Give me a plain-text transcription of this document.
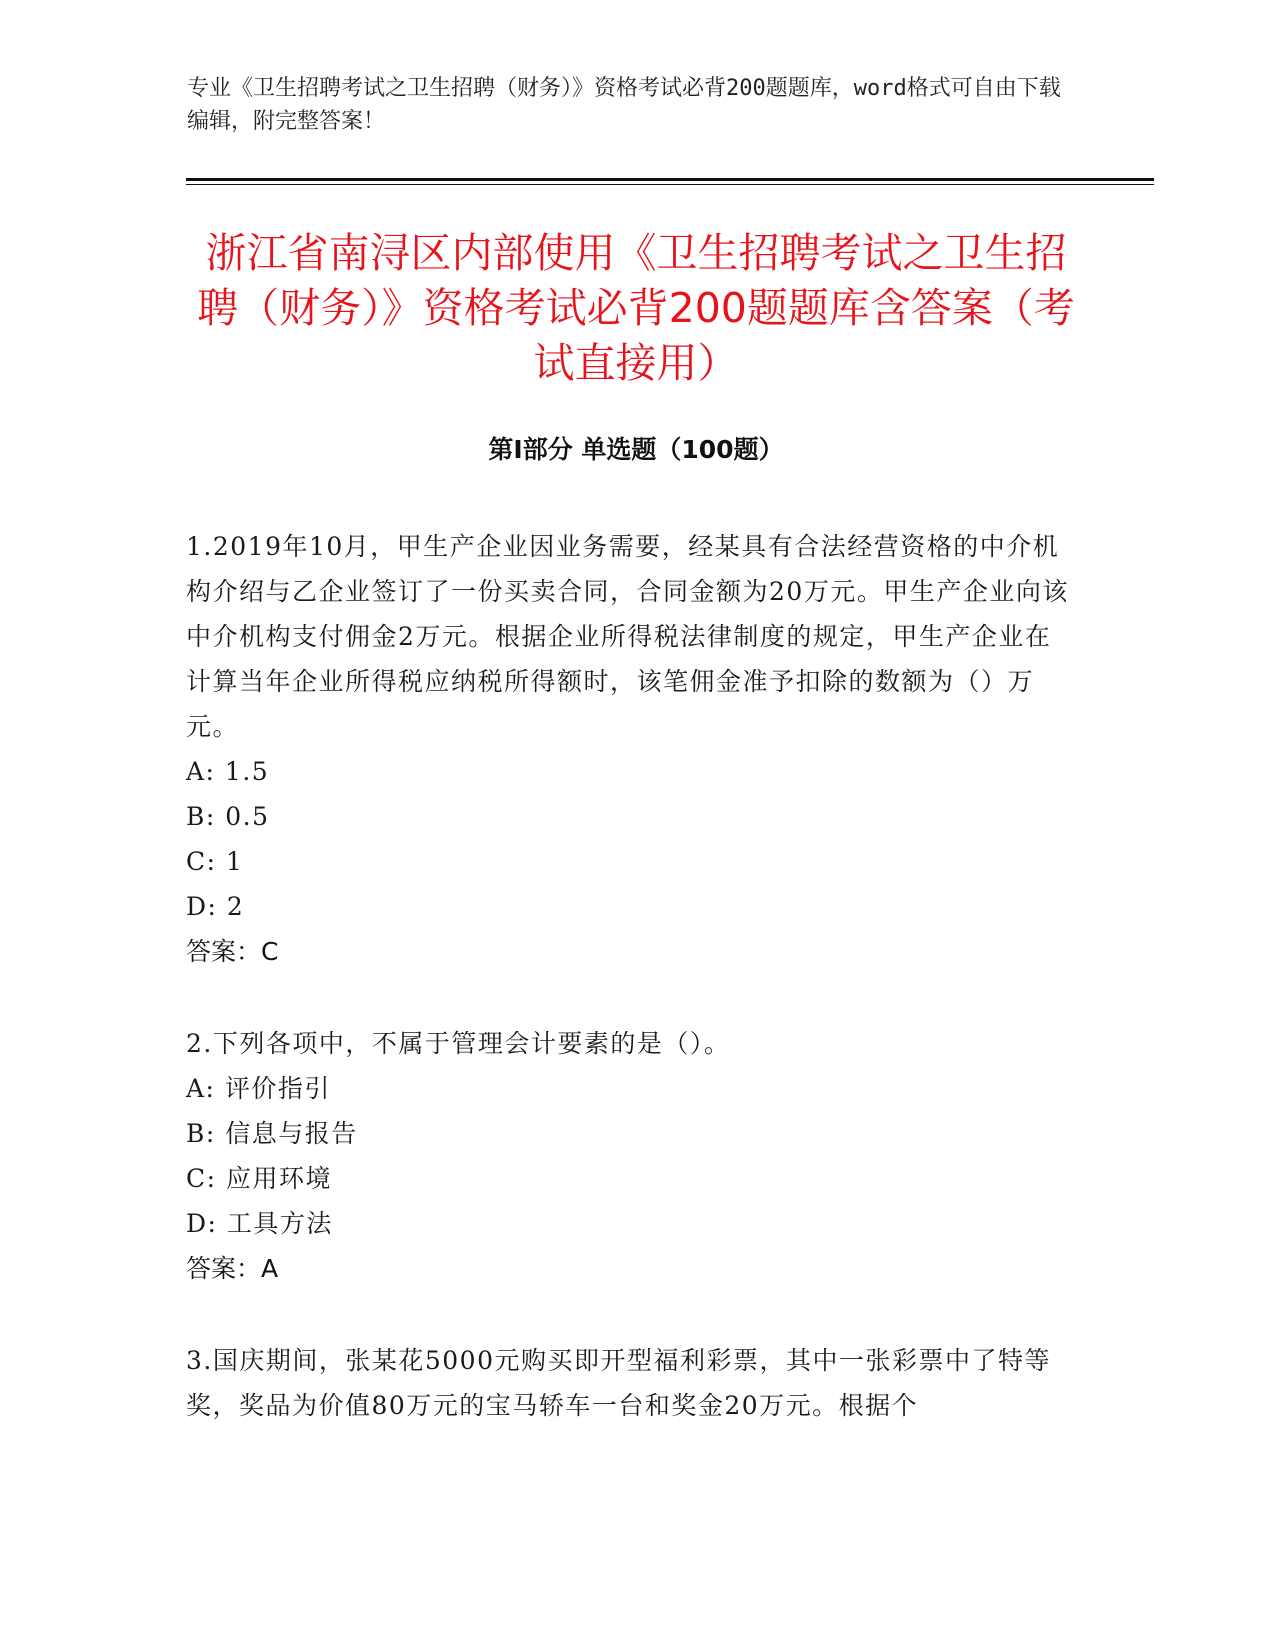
专业《卫生招聘考试之卫生招聘（财务）》资格考试必背200题题库，word格式可自由下载编辑，附完整答案！
浙江省南浔区内部使用《卫生招聘考试之卫生招聘（财务）》资格考试必背200题题库含答案（考试直接用）
第Ⅰ部分 单选题（100题）

1.2019年10月，甲生产企业因业务需要，经某具有合法经营资格的中介机构介绍与乙企业签订了一份买卖合同，合同金额为20万元。甲生产企业向该中介机构支付佣金2万元。根据企业所得税法律制度的规定，甲生产企业在计算当年企业所得税应纳税所得额时，该笔佣金准予扣除的数额为（）万元。

A: 1.5

B: 0.5

C: 1

D: 2

答案：C

2.下列各项中，不属于管理会计要素的是（）。

A: 评价指引

B: 信息与报告

C: 应用环境

D: 工具方法

答案：A

3.国庆期间，张某花5000元购买即开型福利彩票，其中一张彩票中了特等奖，奖品为价值80万元的宝马轿车一台和奖金20万元。根据个
